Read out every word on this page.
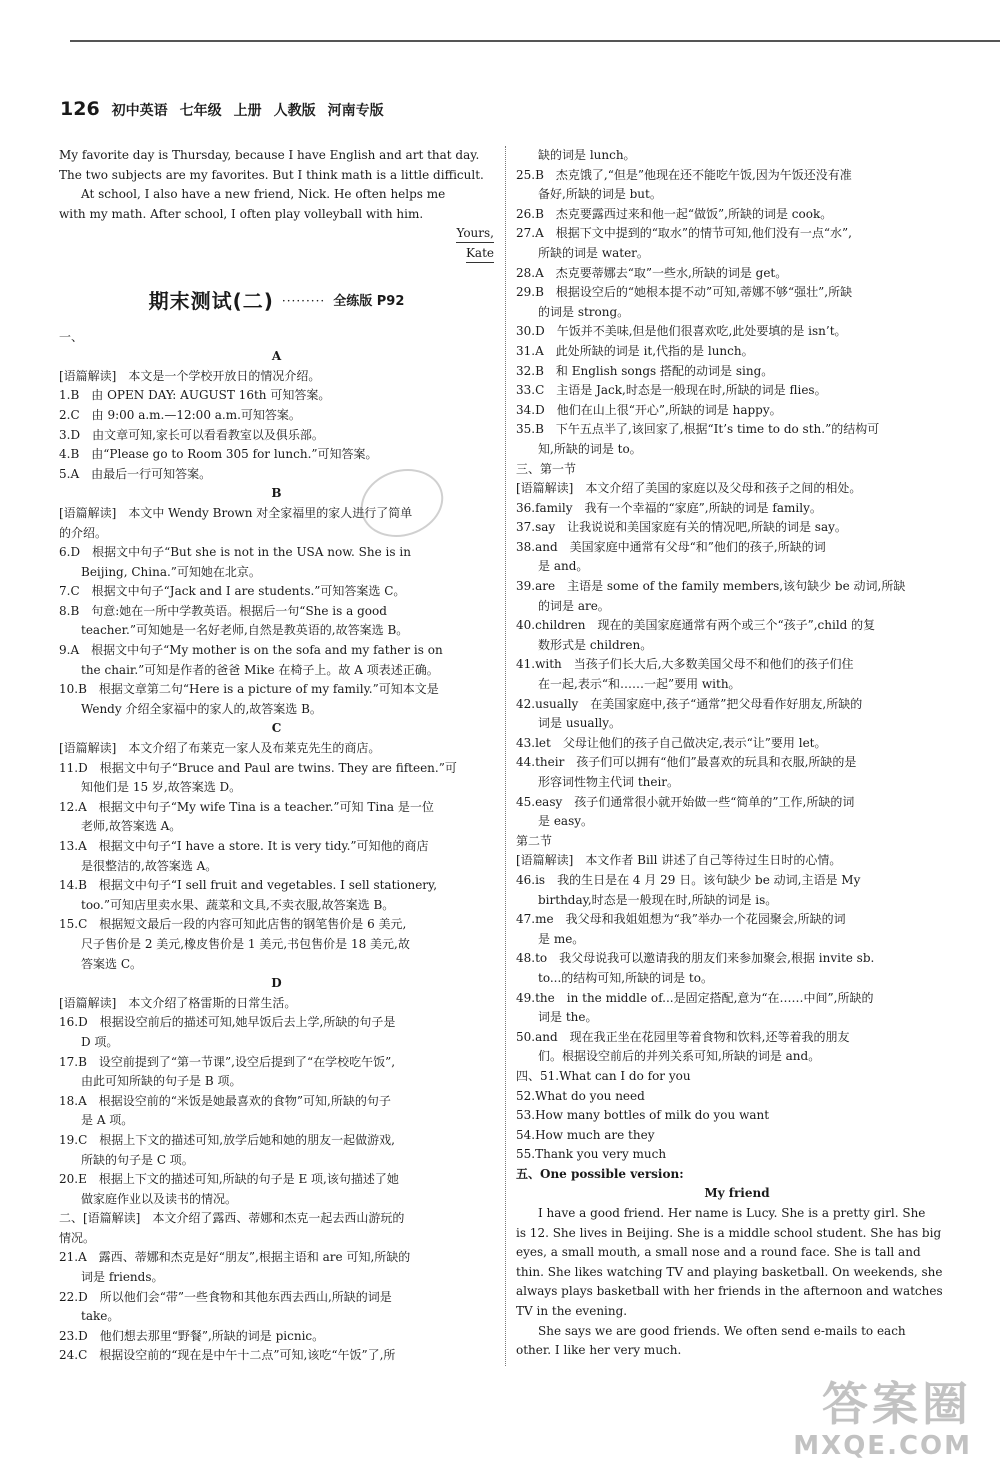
126 初中英语 七年级 上册 人教版 河南专版
My favorite day is Thursday, because I have English and art that day.
The two subjects are my favorites. But I think math is a little difficult.
At school, I also have a new friend, Nick. He often helps me
with my math. After school, I often play volleyball with him.
Yours,
Kate
期末测试(二) ········· 全练版 P92
一、
A
[语篇解读]　本文是一个学校开放日的情况介绍。
1.B　由 OPEN DAY: AUGUST 16th 可知答案。
2.C　由 9:00 a.m.—12:00 a.m.可知答案。
3.D　由文章可知,家长可以看看教室以及俱乐部。
4.B　由“Please go to Room 305 for lunch.”可知答案。
5.A　由最后一行可知答案。
B
[语篇解读]　本文中 Wendy Brown 对全家福里的家人进行了简单
的介绍。
6.D　根据文中句子“But she is not in the USA now. She is in
Beijing, China.”可知她在北京。
7.C　根据文中句子“Jack and I are students.”可知答案选 C。
8.B　句意:她在一所中学教英语。根据后一句“She is a good
teacher.”可知她是一名好老师,自然是教英语的,故答案选 B。
9.A　根据文中句子“My mother is on the sofa and my father is on
the chair.”可知是作者的爸爸 Mike 在椅子上。故 A 项表述正确。
10.B　根据文章第二句“Here is a picture of my family.”可知本文是
Wendy 介绍全家福中的家人的,故答案选 B。
C
[语篇解读]　本文介绍了布莱克一家人及布莱克先生的商店。
11.D　根据文中句子“Bruce and Paul are twins. They are fifteen.”可
知他们是 15 岁,故答案选 D。
12.A　根据文中句子“My wife Tina is a teacher.”可知 Tina 是一位
老师,故答案选 A。
13.A　根据文中句子“I have a store. It is very tidy.”可知他的商店
是很整洁的,故答案选 A。
14.B　根据文中句子“I sell fruit and vegetables. I sell stationery,
too.”可知店里卖水果、蔬菜和文具,不卖衣服,故答案选 B。
15.C　根据短文最后一段的内容可知此店售的钢笔售价是 6 美元,
尺子售价是 2 美元,橡皮售价是 1 美元,书包售价是 18 美元,故
答案选 C。
D
[语篇解读]　本文介绍了格雷斯的日常生活。
16.D　根据设空前后的描述可知,她早饭后去上学,所缺的句子是
D 项。
17.B　设空前提到了“第一节课”,设空后提到了“在学校吃午饭”,
由此可知所缺的句子是 B 项。
18.A　根据设空前的“米饭是她最喜欢的食物”可知,所缺的句子
是 A 项。
19.C　根据上下文的描述可知,放学后她和她的朋友一起做游戏,
所缺的句子是 C 项。
20.E　根据上下文的描述可知,所缺的句子是 E 项,该句描述了她
做家庭作业以及读书的情况。
二、[语篇解读]　本文介绍了露西、蒂娜和杰克一起去西山游玩的
情况。
21.A　露西、蒂娜和杰克是好“朋友”,根据主语和 are 可知,所缺的
词是 friends。
22.D　所以他们会“带”一些食物和其他东西去西山,所缺的词是
take。
23.D　他们想去那里“野餐”,所缺的词是 picnic。
24.C　根据设空前的“现在是中午十二点”可知,该吃“午饭”了,所
缺的词是 lunch。
25.B　杰克饿了,“但是”他现在还不能吃午饭,因为午饭还没有准
备好,所缺的词是 but。
26.B　杰克要露西过来和他一起“做饭”,所缺的词是 cook。
27.A　根据下文中提到的“取水”的情节可知,他们没有一点“水”,
所缺的词是 water。
28.A　杰克要蒂娜去“取”一些水,所缺的词是 get。
29.B　根据设空后的“她根本提不动”可知,蒂娜不够“强壮”,所缺
的词是 strong。
30.D　午饭并不美味,但是他们很喜欢吃,此处要填的是 isn’t。
31.A　此处所缺的词是 it,代指的是 lunch。
32.B　和 English songs 搭配的动词是 sing。
33.C　主语是 Jack,时态是一般现在时,所缺的词是 flies。
34.D　他们在山上很“开心”,所缺的词是 happy。
35.B　下午五点半了,该回家了,根据“It’s time to do sth.”的结构可
知,所缺的词是 to。
三、第一节
[语篇解读]　本文介绍了美国的家庭以及父母和孩子之间的相处。
36.family　我有一个幸福的“家庭”,所缺的词是 family。
37.say　让我说说和美国家庭有关的情况吧,所缺的词是 say。
38.and　美国家庭中通常有父母“和”他们的孩子,所缺的词
是 and。
39.are　主语是 some of the family members,该句缺少 be 动词,所缺
的词是 are。
40.children　现在的美国家庭通常有两个或三个“孩子”,child 的复
数形式是 children。
41.with　当孩子们长大后,大多数美国父母不和他们的孩子们住
在一起,表示“和……一起”要用 with。
42.usually　在美国家庭中,孩子“通常”把父母看作好朋友,所缺的
词是 usually。
43.let　父母让他们的孩子自己做决定,表示“让”要用 let。
44.their　孩子们可以拥有“他们”最喜欢的玩具和衣服,所缺的是
形容词性物主代词 their。
45.easy　孩子们通常很小就开始做一些“简单的”工作,所缺的词
是 easy。
第二节
[语篇解读]　本文作者 Bill 讲述了自己等待过生日时的心情。
46.is　我的生日是在 4 月 29 日。该句缺少 be 动词,主语是 My
birthday,时态是一般现在时,所缺的词是 is。
47.me　我父母和我姐姐想为“我”举办一个花园聚会,所缺的词
是 me。
48.to　我父母说我可以邀请我的朋友们来参加聚会,根据 invite sb.
to...的结构可知,所缺的词是 to。
49.the　in the middle of...是固定搭配,意为“在……中间”,所缺的
词是 the。
50.and　现在我正坐在花园里等着食物和饮料,还等着我的朋友
们。根据设空前后的并列关系可知,所缺的词是 and。
四、51.What can I do for you
52.What do you need
53.How many bottles of milk do you want
54.How much are they
55.Thank you very much
五、One possible version:
My friend
I have a good friend. Her name is Lucy. She is a pretty girl. She
is 12. She lives in Beijing. She is a middle school student. She has big
eyes, a small mouth, a small nose and a round face. She is tall and
thin. She likes watching TV and playing basketball. On weekends, she
always plays basketball with her friends in the afternoon and watches
TV in the evening.
She says we are good friends. We often send e-mails to each
other. I like her very much.
答案圈
MXQE.COM
